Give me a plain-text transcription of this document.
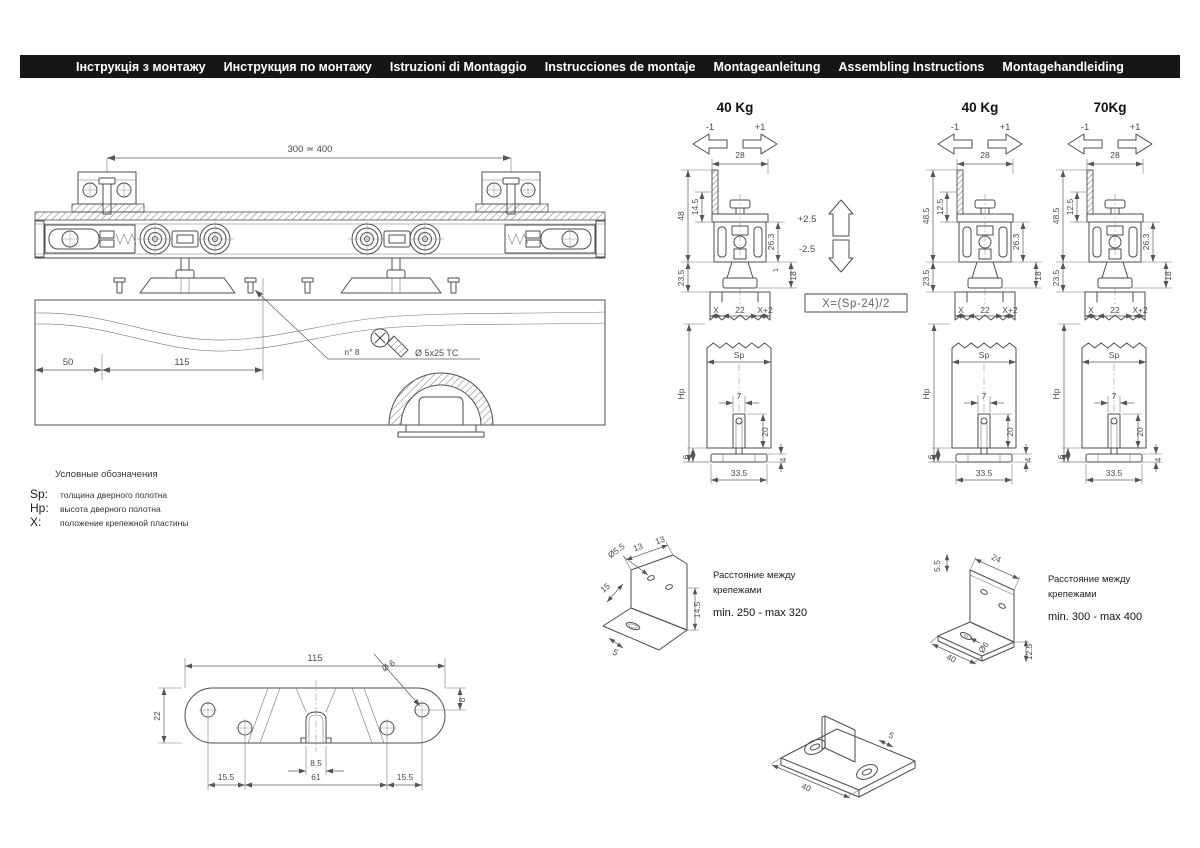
Інструкція з монтажу Инструкция по монтажу Istruzioni di Montaggio Instrucciones de montaje Montageanleitung Assembling Instructions Montagehandleiding
300 ≃ 400
50	115
n° 8	Ø 5x25 TC
40 Kg
-1	+1
28
X 22 X+2
14.5
48
23.5
26.3
1
18
Sp
Hp	7
20
6
4
33.5
+2.5
-2.5
X=(Sp-24)/2
40 Kg
-1	+1
28
X 22 X+2
12.5
48.5
23.5
26.3
18
Sp
Hp	7
20
6
4
33.5
70Kg
-1	+1
28
X 22 X+2
12.5
48.5
23.5
26.3
18
Sp
Hp	7
20
6
4
33.5
Условные обозначения
Sp:	толщина дверного полотна
Hp:	высота дверного полотна
X:	положение крепежной пластины
115	Ø 6
22
8
8.5
15.5	61	15.5
Ø5.5 13
13
15
14.5
5
Расстояние между
крепежами
min. 250 - max 320
5.5
24
Ø6	12.5
40
Расстояние между
крепежами
min. 300 - max 400
40
5
